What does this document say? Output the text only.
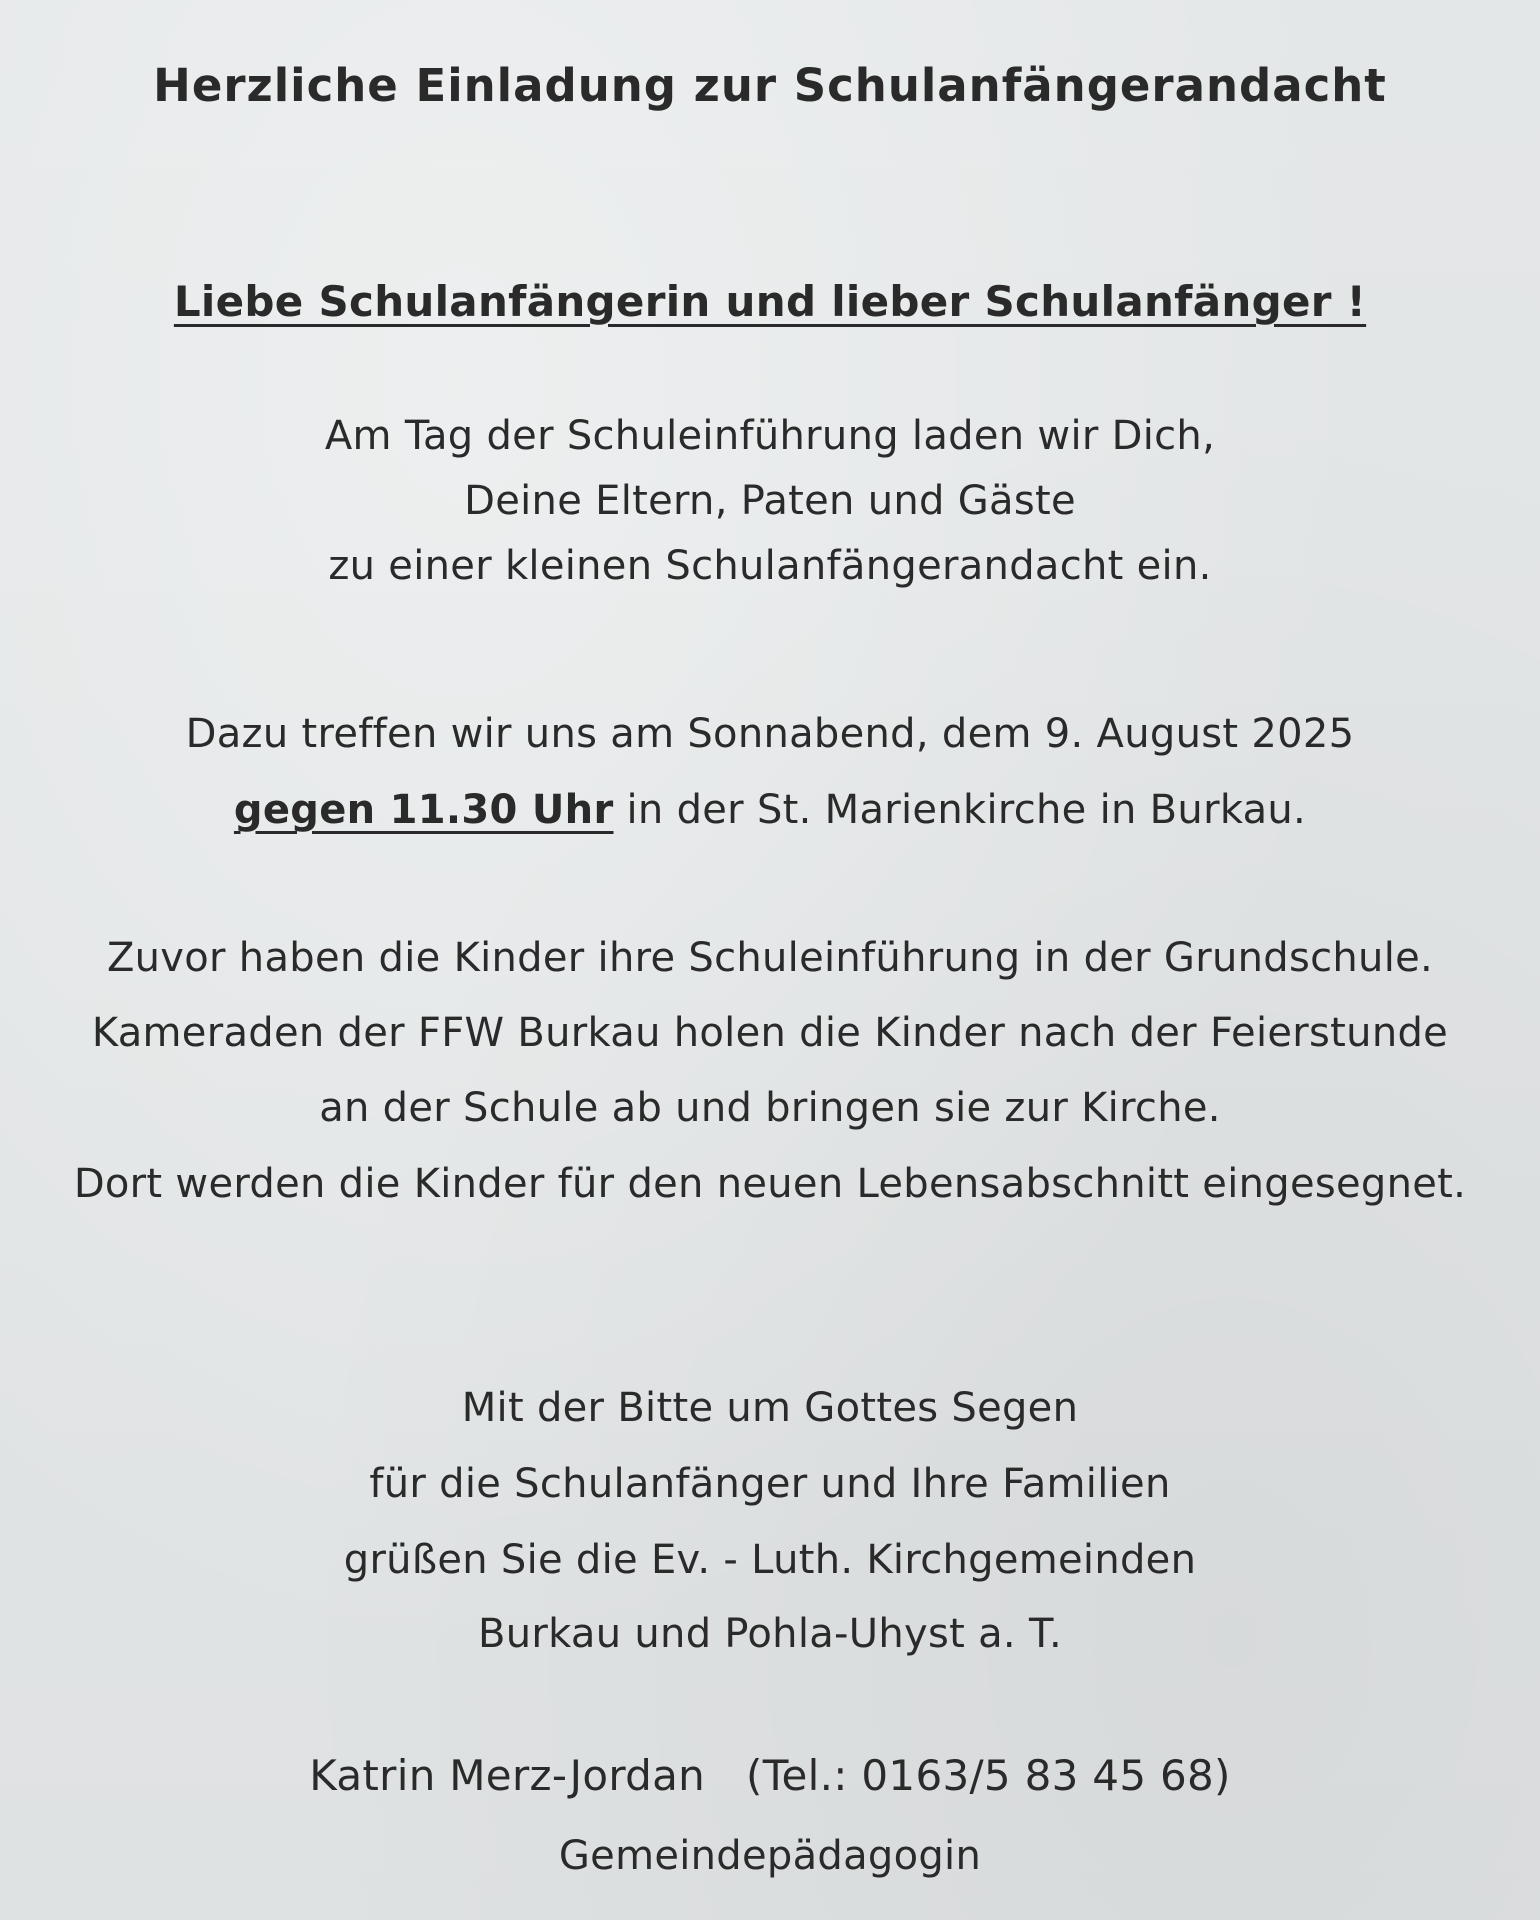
Herzliche Einladung zur Schulanfängerandacht
Liebe Schulanfängerin und lieber Schulanfänger !
Am Tag der Schuleinführung laden wir Dich,
Deine Eltern, Paten und Gäste
zu einer kleinen Schulanfängerandacht ein.
Dazu treffen wir uns am Sonnabend, dem 9. August 2025
gegen 11.30 Uhr in der St. Marienkirche in Burkau.
Zuvor haben die Kinder ihre Schuleinführung in der Grundschule.
Kameraden der FFW Burkau holen die Kinder nach der Feierstunde
an der Schule ab und bringen sie zur Kirche.
Dort werden die Kinder für den neuen Lebensabschnitt eingesegnet.
Mit der Bitte um Gottes Segen
für die Schulanfänger und Ihre Familien
grüßen Sie die Ev. - Luth. Kirchgemeinden
Burkau und Pohla-Uhyst a. T.
Katrin Merz-Jordan (Tel.: 0163/5 83 45 68)
Gemeindepädagogin
